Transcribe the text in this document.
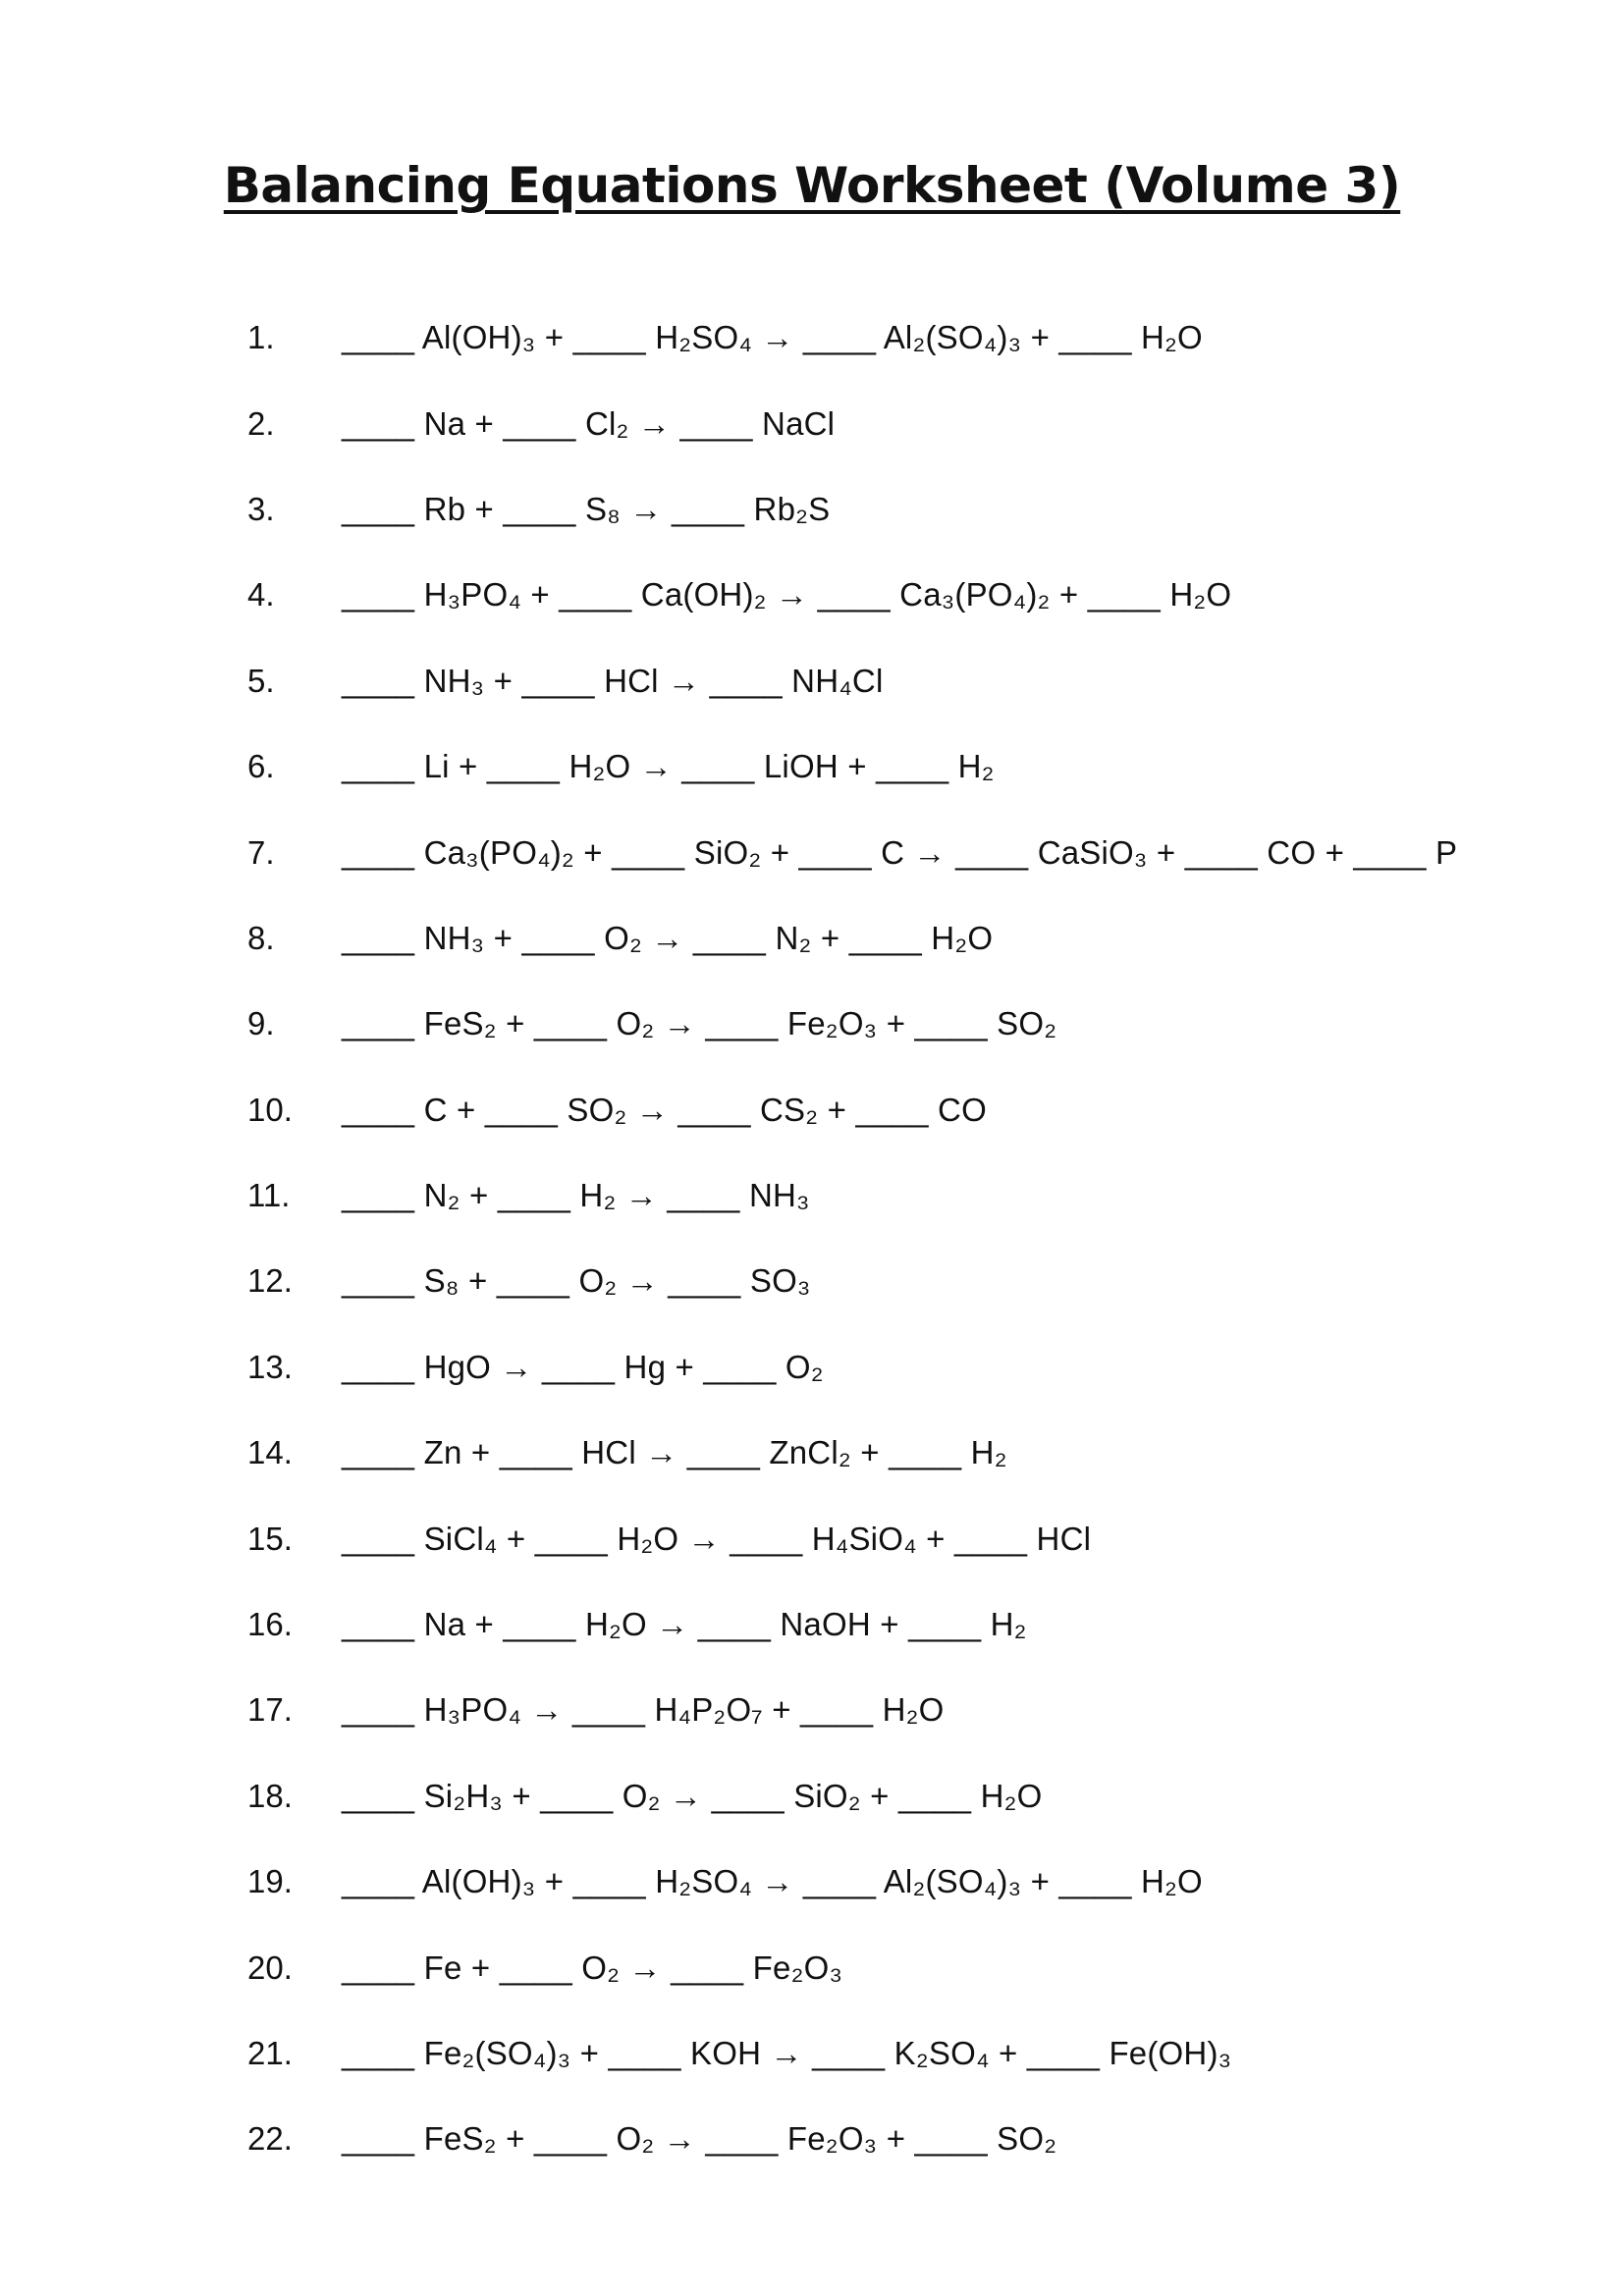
Balancing Equations Worksheet (Volume 3)
1.	____ Al(OH)₃ + ____ H₂SO₄ → ____ Al₂(SO₄)₃ + ____ H₂O
2.	____ Na + ____ Cl₂ → ____ NaCl
3.	____ Rb + ____ S₈ → ____ Rb₂S
4.	____ H₃PO₄ + ____ Ca(OH)₂ → ____ Ca₃(PO₄)₂ + ____ H₂O
5.	____ NH₃ + ____ HCl → ____ NH₄Cl
6.	____ Li + ____ H₂O → ____ LiOH + ____ H₂
7.	____ Ca₃(PO₄)₂ + ____ SiO₂ + ____ C → ____ CaSiO₃ + ____ CO + ____ P
8.	____ NH₃ + ____ O₂ → ____ N₂ + ____ H₂O
9.	____ FeS₂ + ____ O₂ → ____ Fe₂O₃ + ____ SO₂
10.	____ C + ____ SO₂ → ____ CS₂ + ____ CO
11.	____ N₂ + ____ H₂ → ____ NH₃
12.	____ S₈ + ____ O₂ → ____ SO₃
13.	____ HgO → ____ Hg + ____ O₂
14.	____ Zn + ____ HCl → ____ ZnCl₂ + ____ H₂
15.	____ SiCl₄ + ____ H₂O → ____ H₄SiO₄ + ____ HCl
16.	____ Na + ____ H₂O → ____ NaOH + ____ H₂
17.	____ H₃PO₄ → ____ H₄P₂O₇ + ____ H₂O
18.	____ Si₂H₃ + ____ O₂ → ____ SiO₂ + ____ H₂O
19.	____ Al(OH)₃ + ____ H₂SO₄ → ____ Al₂(SO₄)₃ + ____ H₂O
20.	____ Fe + ____ O₂ → ____ Fe₂O₃
21.	____ Fe₂(SO₄)₃ + ____ KOH → ____ K₂SO₄ + ____ Fe(OH)₃
22.	____ FeS₂ + ____ O₂ → ____ Fe₂O₃ + ____ SO₂
